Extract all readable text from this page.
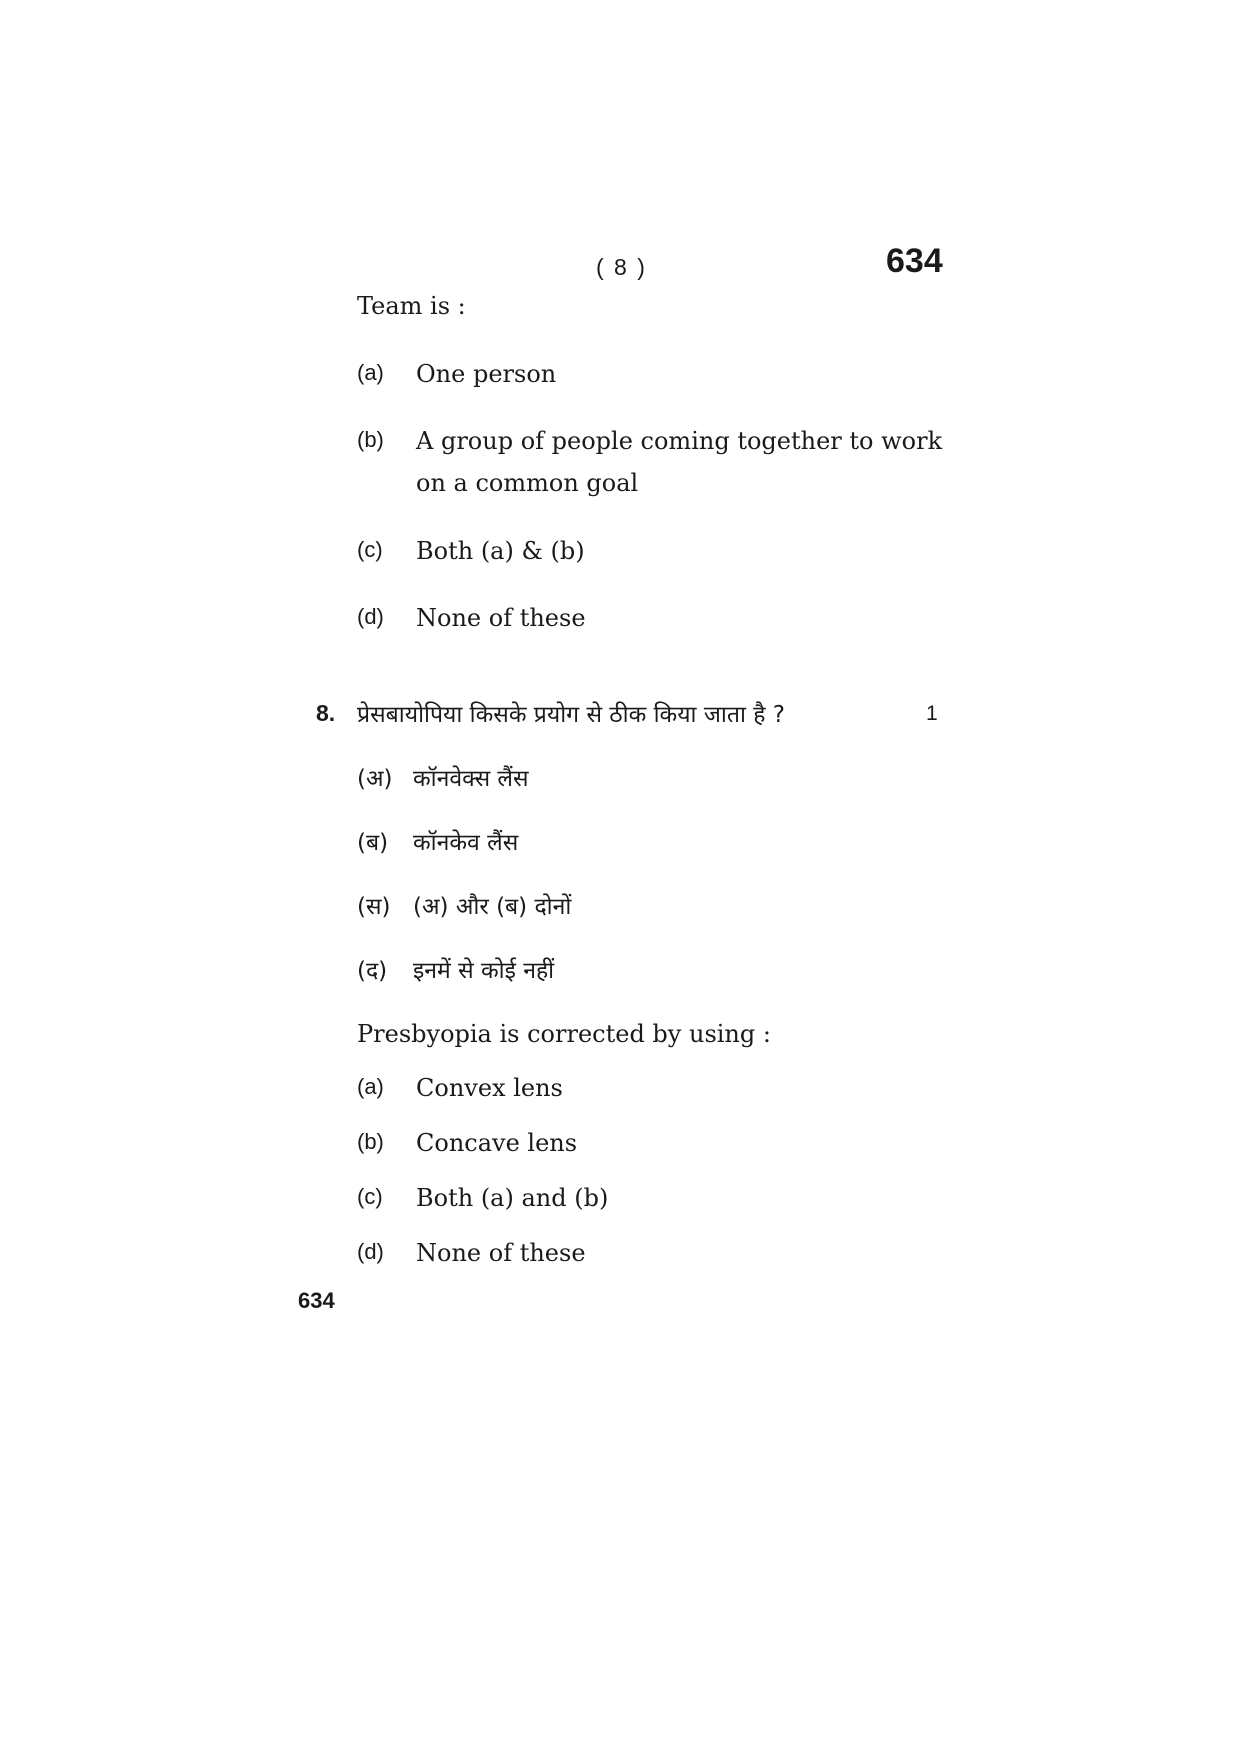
( 8 )	634
Team is :
(a) One person
(b) A group of people coming together to work
on a common goal
(c) Both (a) & (b)
(d) None of these
8. प्रेसबायोपिया किसके प्रयोग से ठीक किया जाता है ?	1
(अ) कॉनवेक्स लैंस
(ब) कॉनकेव लैंस
(स) (अ) और (ब) दोनों
(द) इनमें से कोई नहीं
Presbyopia is corrected by using :
(a) Convex lens
(b) Concave lens
(c) Both (a) and (b)
(d) None of these
634
